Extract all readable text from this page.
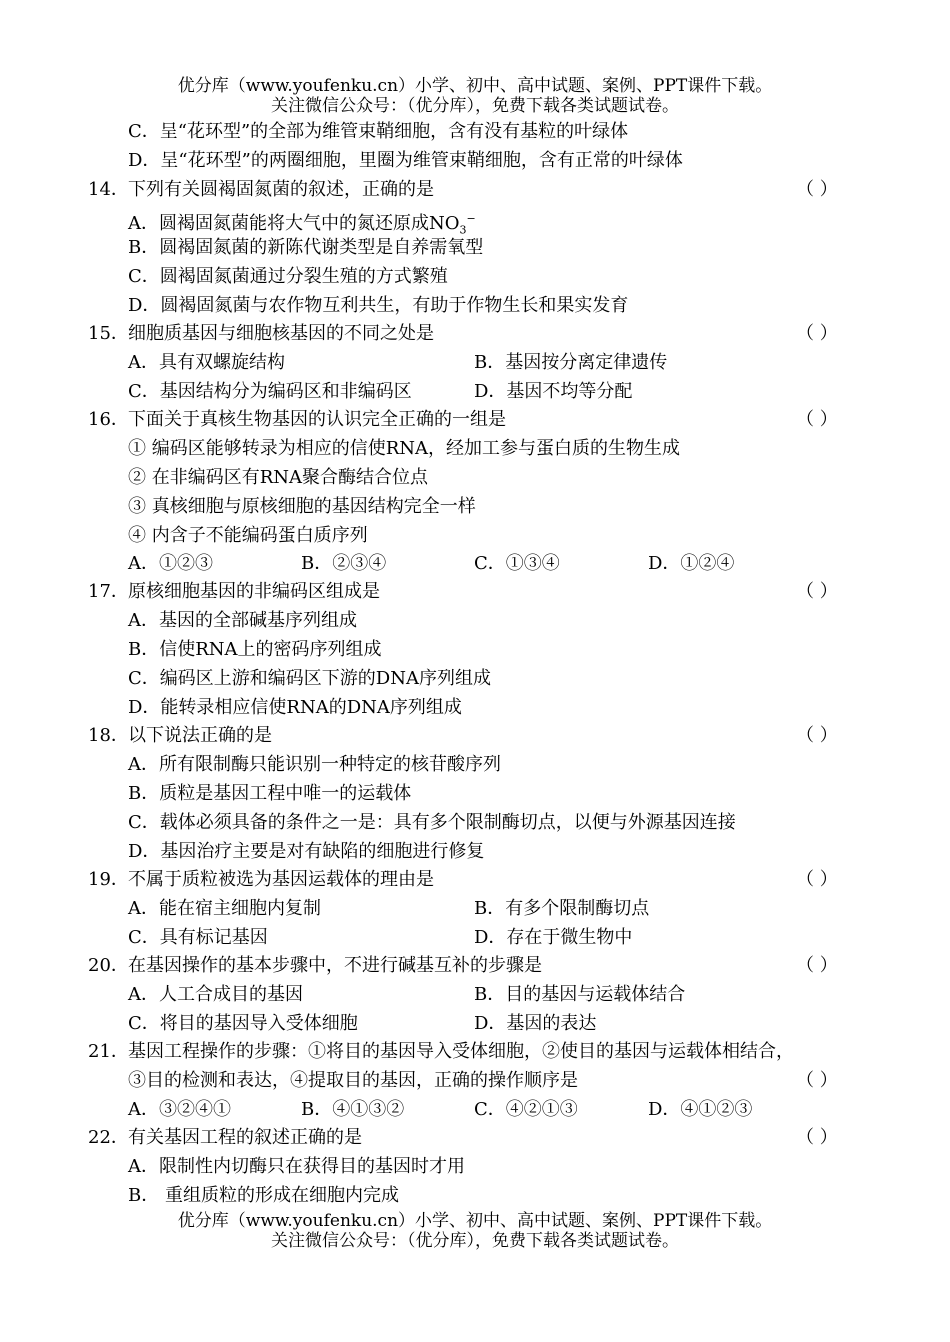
优分库（www.youfenku.cn）小学、初中、高中试题、案例、PPT课件下载。
关注微信公众号：（优分库），免费下载各类试题试卷。
C．呈“花环型”的全部为维管束鞘细胞，含有没有基粒的叶绿体
D．呈“花环型”的两圈细胞，里圈为维管束鞘细胞，含有正常的叶绿体
14． 下列有关圆褐固氮菌的叙述，正确的是	（ ）
A．圆褐固氮菌能将大气中的氮还原成$NO_3^-$
B．圆褐固氮菌的新陈代谢类型是自养需氧型
C．圆褐固氮菌通过分裂生殖的方式繁殖
D．圆褐固氮菌与农作物互利共生，有助于作物生长和果实发育
15． 细胞质基因与细胞核基因的不同之处是	（ ）
A．具有双螺旋结构	B．基因按分离定律遗传
C．基因结构分为编码区和非编码区	D．基因不均等分配
16． 下面关于真核生物基因的认识完全正确的一组是	（ ）
① 编码区能够转录为相应的信使RNA，经加工参与蛋白质的生物生成
② 在非编码区有RNA聚合酶结合位点
③ 真核细胞与原核细胞的基因结构完全一样
④ 内含子不能编码蛋白质序列
A．①②③	B．②③④	C．①③④	D．①②④
17． 原核细胞基因的非编码区组成是	（ ）
A．基因的全部碱基序列组成
B．信使RNA上的密码序列组成
C．编码区上游和编码区下游的DNA序列组成
D．能转录相应信使RNA的DNA序列组成
18． 以下说法正确的是	（ ）
A．所有限制酶只能识别一种特定的核苷酸序列
B．质粒是基因工程中唯一的运载体
C．载体必须具备的条件之一是：具有多个限制酶切点，以便与外源基因连接
D．基因治疗主要是对有缺陷的细胞进行修复
19． 不属于质粒被选为基因运载体的理由是	（ ）
A．能在宿主细胞内复制	B．有多个限制酶切点
C．具有标记基因	D．存在于微生物中
20． 在基因操作的基本步骤中，不进行碱基互补的步骤是	（ ）
A．人工合成目的基因	B．目的基因与运载体结合
C．将目的基因导入受体细胞	D．基因的表达
21． 基因工程操作的步骤：①将目的基因导入受体细胞，②使目的基因与运载体相结合，
③目的检测和表达，④提取目的基因，正确的操作顺序是	（ ）
A．③②④①	B．④①③②	C．④②①③	D．④①②③
22． 有关基因工程的叙述正确的是	（ ）
A．限制性内切酶只在获得目的基因时才用
B． 重组质粒的形成在细胞内完成
优分库（www.youfenku.cn）小学、初中、高中试题、案例、PPT课件下载。
关注微信公众号：（优分库），免费下载各类试题试卷。
